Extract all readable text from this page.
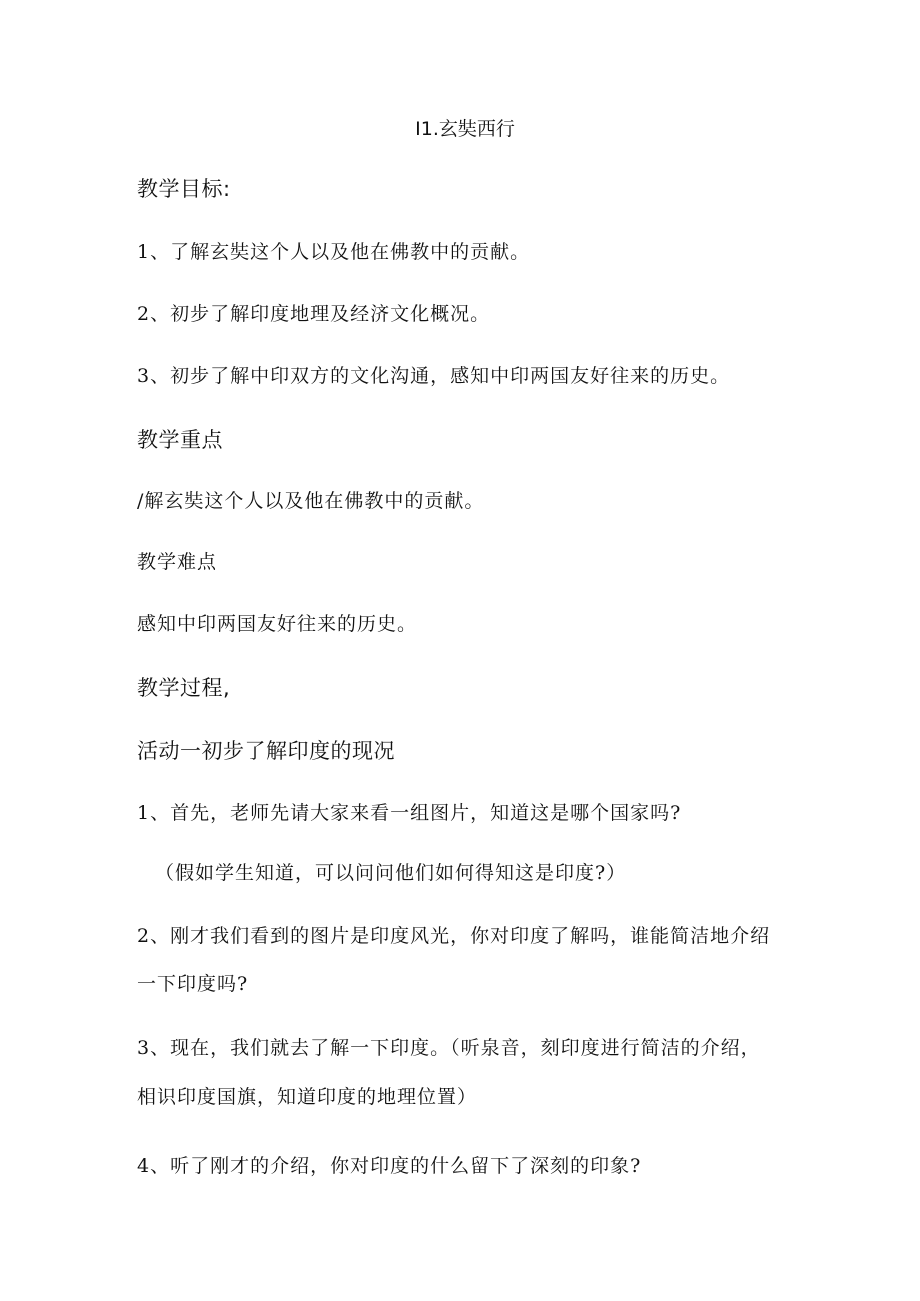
I1.玄奘西行
教学目标:
1、了解玄奘这个人以及他在佛教中的贡献。
2、初步了解印度地理及经济文化概况。
3、初步了解中印双方的文化沟通，感知中印两国友好往来的历史。
教学重点
/解玄奘这个人以及他在佛教中的贡献。
教学难点
感知中印两国友好往来的历史。
教学过程,
活动一初步了解印度的现况
1、首先，老师先请大家来看一组图片，知道这是哪个国家吗?
（假如学生知道，可以问问他们如何得知这是印度?）
2、刚才我们看到的图片是印度风光，你对印度了解吗，谁能简洁地介绍
一下印度吗?
3、现在，我们就去了解一下印度。（听泉音，刻印度进行简洁的介绍，
相识印度国旗，知道印度的地理位置）
4、听了刚才的介绍，你对印度的什么留下了深刻的印象?
